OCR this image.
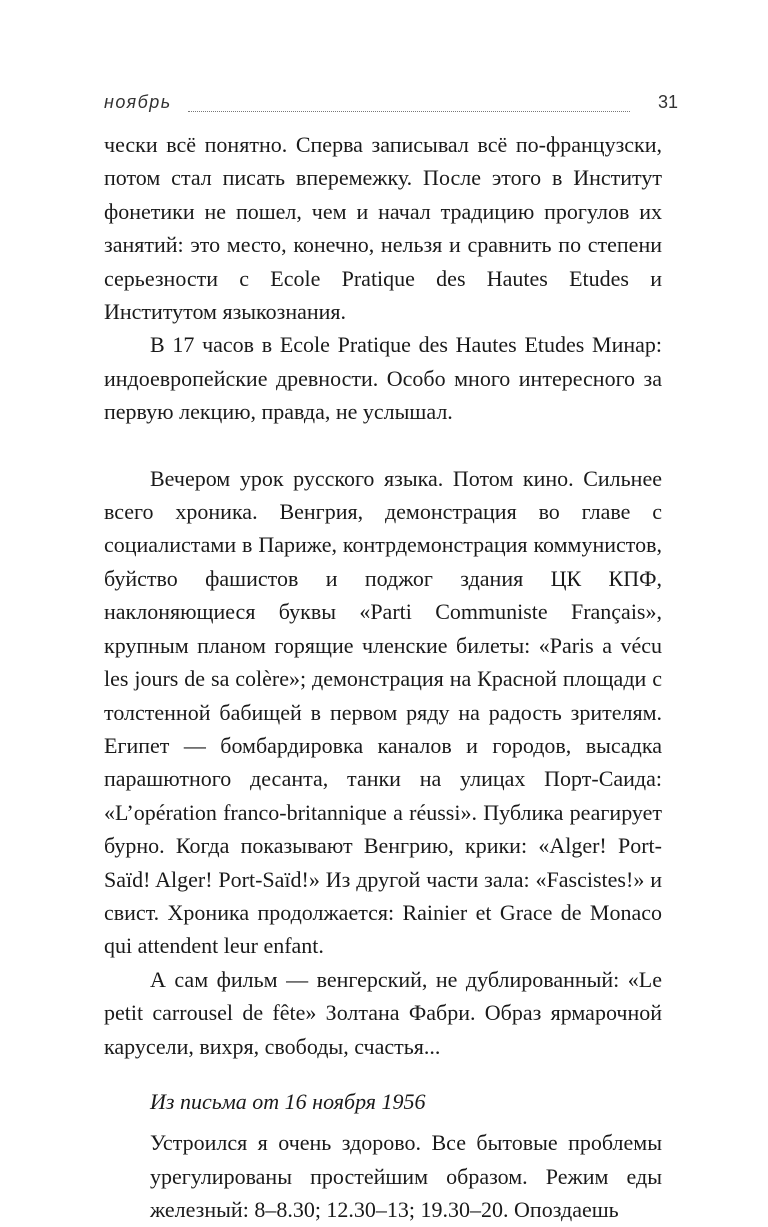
ноябрь	31

чески всё понятно. Сперва записывал всё по-французски, потом стал писать вперемежку. После этого в Институт фонетики не пошел, чем и начал традицию прогулов их занятий: это место, конечно, нельзя и сравнить по степени серьезности с Ecole Pratique des Hautes Etudes и Институтом языкознания.

В 17 часов в Ecole Pratique des Hautes Etudes Минар: индоевропейские древности. Особо много интересного за первую лекцию, правда, не услышал.

Вечером урок русского языка. Потом кино. Сильнее всего хроника. Венгрия, демонстрация во главе с социалистами в Париже, контрдемонстрация коммунистов, буйство фашистов и поджог здания ЦК КПФ, наклоняющиеся буквы «Parti Communiste Français», крупным планом горящие членские билеты: «Paris a vécu les jours de sa colère»; демонстрация на Красной площади с толстенной бабищей в первом ряду на радость зрителям. Египет — бомбардировка каналов и городов, высадка парашютного десанта, танки на улицах Порт-Саида: «L’opération franco-britannique a réussi». Публика реагирует бурно. Когда показывают Венгрию, крики: «Alger! Port-Saïd! Alger! Port-Saïd!» Из другой части зала: «Fascistes!» и свист. Хроника продолжается: Rainier et Grace de Monaco qui attendent leur enfant.

А сам фильм — венгерский, не дублированный: «Le petit carrousel de fête» Золтана Фабри. Образ ярмарочной карусели, вихря, свободы, счастья...

Из письма от 16 ноября 1956

Устроился я очень здорово. Все бытовые проблемы урегулированы простейшим образом. Режим еды железный: 8–8.30; 12.30–13; 19.30–20. Опоздаешь
